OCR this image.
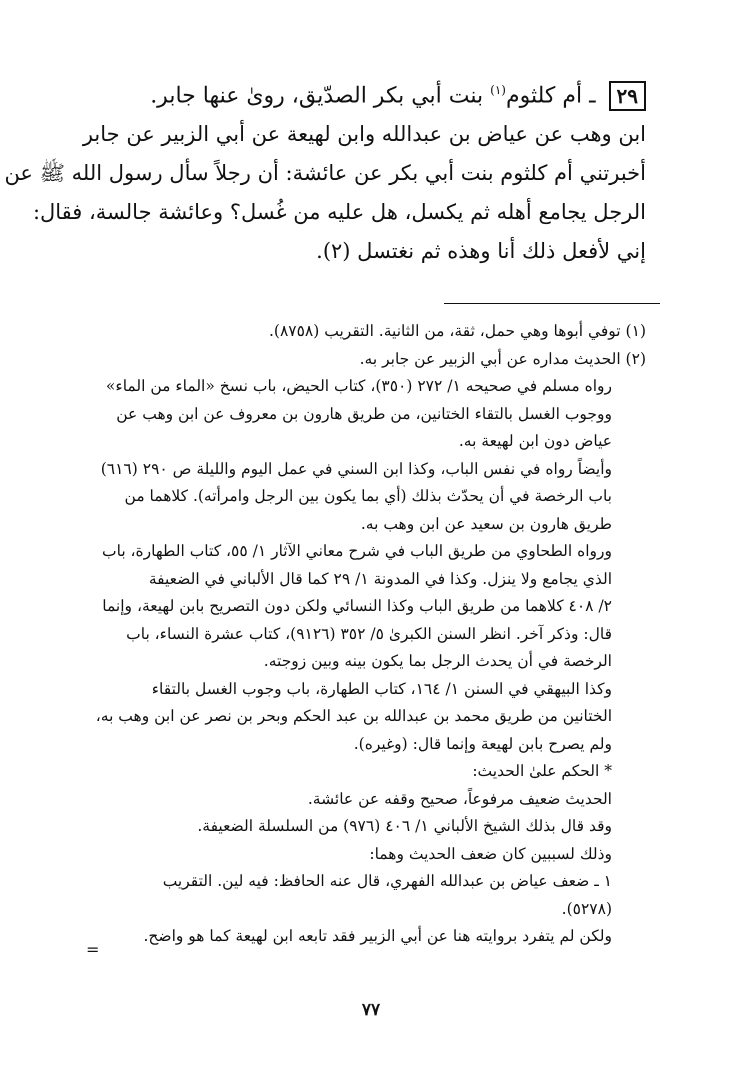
٢٩ ـ أم كلثوم$^{(١)}$ بنت أبي بكر الصدّيق، روىٰ عنها جابر.
ابن وهب عن عياض بن عبدالله وابن لهيعة عن أبي الزبير عن جابر
أخبرتني أم كلثوم بنت أبي بكر عن عائشة: أن رجلاً سأل رسول الله ﷺ عن
الرجل يجامع أهله ثم يكسل، هل عليه من غُسل؟ وعائشة جالسة، فقال:
إني لأفعل ذلك أنا وهذه ثم نغتسل (٢).
(١) توفي أبوها وهي حمل، ثقة، من الثانية. التقريب (٨٧٥٨).
(٢) الحديث مداره عن أبي الزبير عن جابر به.
رواه مسلم في صحيحه ١/ ٢٧٢ (٣٥٠)، كتاب الحيض، باب نسخ «الماء من الماء»
ووجوب الغسل بالتقاء الختانين، من طريق هارون بن معروف عن ابن وهب عن
عياض دون ابن لهيعة به.
وأيضاً رواه في نفس الباب، وكذا ابن السني في عمل اليوم والليلة ص ٢٩٠ (٦١٦)
باب الرخصة في أن يحدّث بذلك (أي بما يكون بين الرجل وامرأته). كلاهما من
طريق هارون بن سعيد عن ابن وهب به.
ورواه الطحاوي من طريق الباب في شرح معاني الآثار ١/ ٥٥، كتاب الطهارة، باب
الذي يجامع ولا ينزل. وكذا في المدونة ١/ ٢٩ كما قال الألباني في الضعيفة
٢/ ٤٠٨ كلاهما من طريق الباب وكذا النسائي ولكن دون التصريح بابن لهيعة، وإنما
قال: وذكر آخر. انظر السنن الكبرىٰ ٥/ ٣٥٢ (٩١٢٦)، كتاب عشرة النساء، باب
الرخصة في أن يحدث الرجل بما يكون بينه وبين زوجته.
وكذا البيهقي في السنن ١/ ١٦٤، كتاب الطهارة، باب وجوب الغسل بالتقاء
الختانين من طريق محمد بن عبدالله بن عبد الحكم وبحر بن نصر عن ابن وهب به،
ولم يصرح بابن لهيعة وإنما قال: (وغيره).
* الحكم علىٰ الحديث:
الحديث ضعيف مرفوعاً، صحيح وقفه عن عائشة.
وقد قال بذلك الشيخ الألباني ١/ ٤٠٦ (٩٧٦) من السلسلة الضعيفة.
وذلك لسببين كان ضعف الحديث وهما:
١ ـ ضعف عياض بن عبدالله الفهري، قال عنه الحافظ: فيه لين. التقريب
(٥٢٧٨).
ولكن لم يتفرد بروايته هنا عن أبي الزبير فقد تابعه ابن لهيعة كما هو واضح.
=
٧٧
